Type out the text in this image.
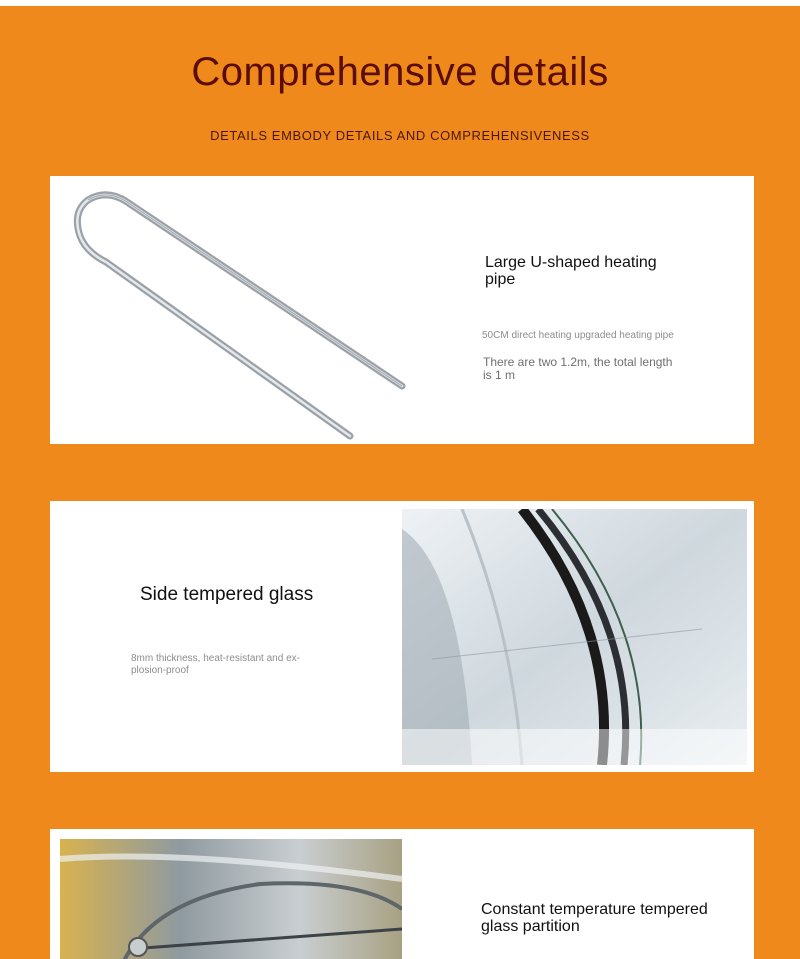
Comprehensive details
DETAILS EMBODY DETAILS AND COMPREHENSIVENESS
Large U-shaped heating pipe
50CM direct heating upgraded heating pipe
There are two 1.2m, the total length is 1 m
Side tempered glass
8mm thickness, heat-resistant and ex-plosion-proof
Constant temperature tempered glass partition
